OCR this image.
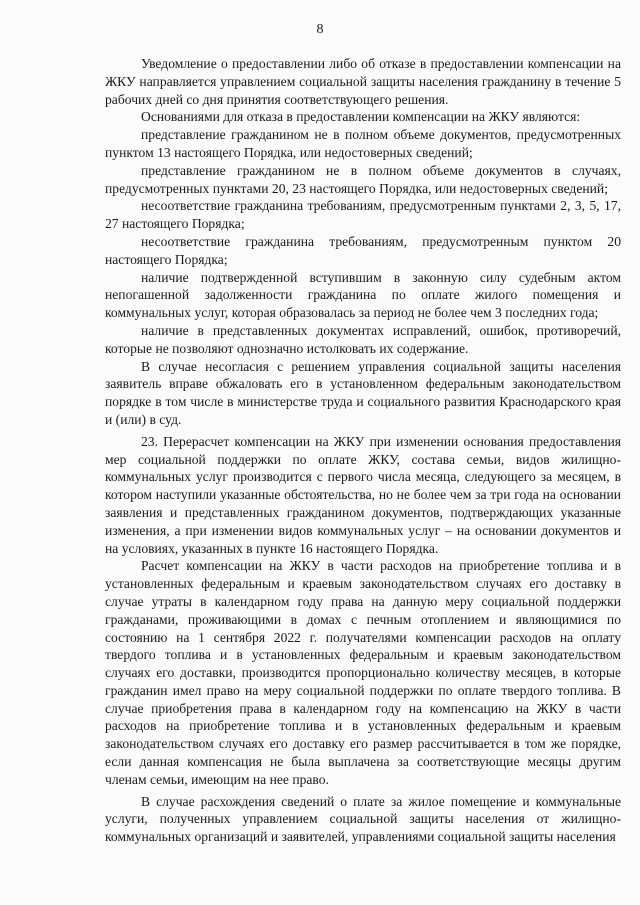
8

Уведомление о предоставлении либо об отказе в предоставлении компенсации на ЖКУ направляется управлением социальной защиты населения гражданину в течение 5 рабочих дней со дня принятия соответствующего решения.

Основаниями для отказа в предоставлении компенсации на ЖКУ являются:

представление гражданином не в полном объеме документов, предусмотренных пунктом 13 настоящего Порядка, или недостоверных сведений;

представление гражданином не в полном объеме документов в случаях, предусмотренных пунктами 20, 23 настоящего Порядка, или недостоверных сведений;

несоответствие гражданина требованиям, предусмотренным пунктами 2, 3, 5, 17, 27 настоящего Порядка;

несоответствие гражданина требованиям, предусмотренным пунктом 20 настоящего Порядка;

наличие подтвержденной вступившим в законную силу судебным актом непогашенной задолженности гражданина по оплате жилого помещения и коммунальных услуг, которая образовалась за период не более чем 3 последних года;

наличие в представленных документах исправлений, ошибок, противоречий, которые не позволяют однозначно истолковать их содержание.

В случае несогласия с решением управления социальной защиты населения заявитель вправе обжаловать его в установленном федеральным законодательством порядке в том числе в министерстве труда и социального развития Краснодарского края и (или) в суд.

23. Перерасчет компенсации на ЖКУ при изменении основания предоставления мер социальной поддержки по оплате ЖКУ, состава семьи, видов жилищно-коммунальных услуг производится с первого числа месяца, следующего за месяцем, в котором наступили указанные обстоятельства, но не более чем за три года на основании заявления и представленных гражданином документов, подтверждающих указанные изменения, а при изменении видов коммунальных услуг – на основании документов и на условиях, указанных в пункте 16 настоящего Порядка.

Расчет компенсации на ЖКУ в части расходов на приобретение топлива и в установленных федеральным и краевым законодательством случаях его доставку в случае утраты в календарном году права на данную меру социальной поддержки гражданами, проживающими в домах с печным отоплением и являющимися по состоянию на 1 сентября 2022 г. получателями компенсации расходов на оплату твердого топлива и в установленных федеральным и краевым законодательством случаях его доставки, производится пропорционально количеству месяцев, в которые гражданин имел право на меру социальной поддержки по оплате твердого топлива. В случае приобретения права в календарном году на компенсацию на ЖКУ в части расходов на приобретение топлива и в установленных федеральным и краевым законодательством случаях его доставку его размер рассчитывается в том же порядке, если данная компенсация не была выплачена за соответствующие месяцы другим членам семьи, имеющим на нее право.

В случае расхождения сведений о плате за жилое помещение и коммунальные услуги, полученных управлением социальной защиты населения от жилищно-коммунальных организаций и заявителей, управлениями социальной защиты населения
